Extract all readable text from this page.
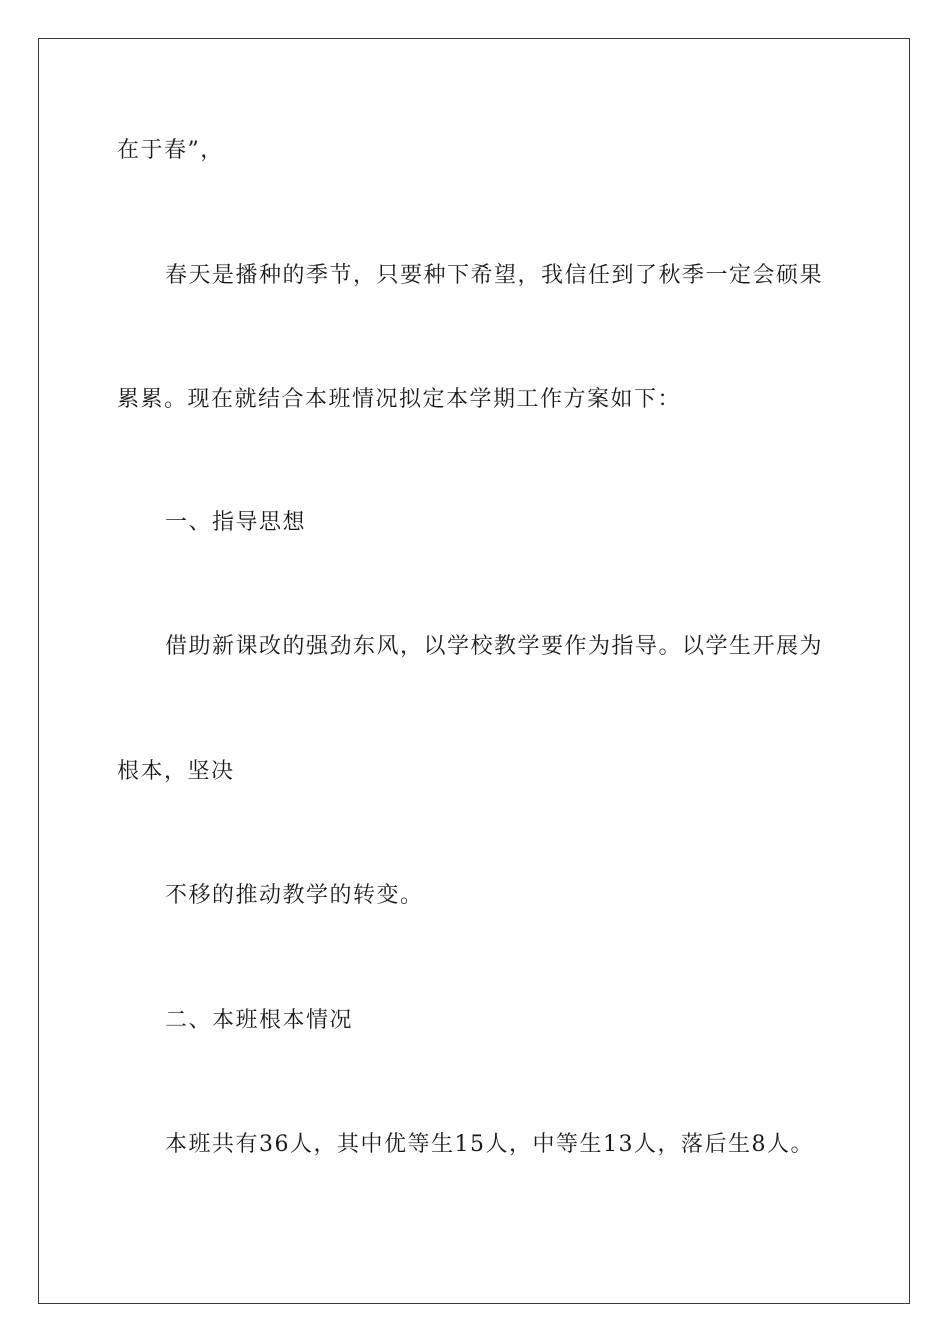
在于春”，
春天是播种的季节，只要种下希望，我信任到了秋季一定会硕果
累累。现在就结合本班情况拟定本学期工作方案如下：
一、指导思想
借助新课改的强劲东风，以学校教学要作为指导。以学生开展为
根本，坚决
不移的推动教学的转变。
二、本班根本情况
本班共有36人，其中优等生15人，中等生13人，落后生8人。
